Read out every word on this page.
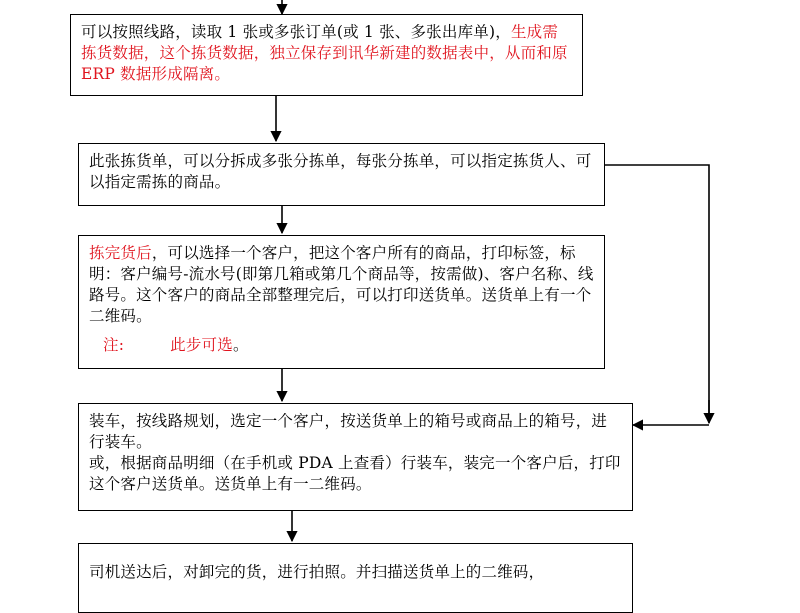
可以按照线路，读取 1 张或多张订单(或 1 张、多张出库单)，生成需拣货数据，这个拣货数据，独立保存到讯华新建的数据表中，从而和原 ERP 数据形成隔离。
此张拣货单，可以分拆成多张分拣单，每张分拣单，可以指定拣货人、可以指定需拣的商品。
拣完货后，可以选择一个客户，把这个客户所有的商品，打印标签，标明：客户编号-流水号(即第几箱或第几个商品等，按需做)、客户名称、线路号。这个客户的商品全部整理完后，可以打印送货单。送货单上有一个二维码。
注:	此步可选。
装车，按线路规划，选定一个客户，按送货单上的箱号或商品上的箱号，进行装车。
或，根据商品明细（在手机或 PDA 上查看）行装车，装完一个客户后，打印这个客户送货单。送货单上有一二维码。
司机送达后，对卸完的货，进行拍照。并扫描送货单上的二维码，
